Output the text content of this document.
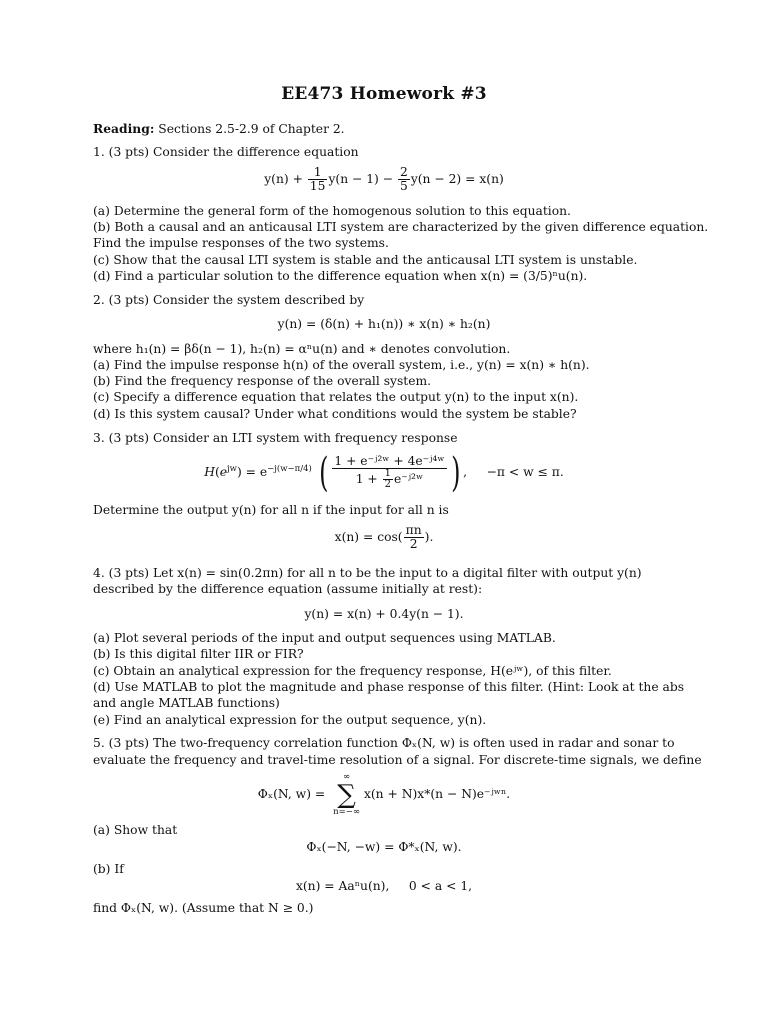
EE473 Homework #3
Reading: Sections 2.5-2.9 of Chapter 2.
1. (3 pts) Consider the difference equation
$y(n) + \frac{1}{15} y(n - 1) - \frac{2}{5} y(n - 2) = x(n)$
(a) Determine the general form of the homogenous solution to this equation.
(b) Both a causal and an anticausal LTI system are characterized by the given difference equation.
Find the impulse responses of the two systems.
(c) Show that the causal LTI system is stable and the anticausal LTI system is unstable.
(d) Find a particular solution to the difference equation when x(n) = (3/5)ⁿu(n).
2. (3 pts) Consider the system described by
y(n) = (δ(n) + h₁(n)) ∗ x(n) ∗ h₂(n)
where h₁(n) = βδ(n − 1), h₂(n) = αⁿu(n) and ∗ denotes convolution.
(a) Find the impulse response h(n) of the overall system, i.e., y(n) = x(n) ∗ h(n).
(b) Find the frequency response of the overall system.
(c) Specify a difference equation that relates the output y(n) to the input x(n).
(d) Is this system causal? Under what conditions would the system be stable?
3. (3 pts) Consider an LTI system with frequency response
$H(e^{jw}) = e^{-j(w-\pi/4)}$ ( $\frac{\text{1 + e⁻ʲ²ʷ + 4e⁻ʲ⁴ʷ}}{1 + \frac{1}{2} e^-ʲ^2ʷ}$ ) ,     −π < w ≤ π.
Determine the output y(n) for all n if the input for all n is
$x(n) = \cos( \frac{\pi n}{2}$ ).
4. (3 pts) Let x(n) = sin(0.2πn) for all n to be the input to a digital filter with output y(n)
described by the difference equation (assume initially at rest):
y(n) = x(n) + 0.4y(n − 1).
(a) Plot several periods of the input and output sequences using MATLAB.
(b) Is this digital filter IIR or FIR?
(c) Obtain an analytical expression for the frequency response, H(eʲʷ), of this filter.
(d) Use MATLAB to plot the magnitude and phase response of this filter. (Hint: Look at the abs
and angle MATLAB functions)
(e) Find an analytical expression for the output sequence, y(n).
5. (3 pts) The two-frequency correlation function Φₓ(N, w) is often used in radar and sonar to
evaluate the frequency and travel-time resolution of a signal. For discrete-time signals, we define
Φₓ(N, w) =
∞
∑
n=−∞
x(n + N)x*(n − N)e⁻ʲʷⁿ.
(a) Show that
Φₓ(−N, −w) = Φ*ₓ(N, w).
(b) If
x(n) = Aaⁿu(n),     0 < a < 1,
find Φₓ(N, w). (Assume that N ≥ 0.)
